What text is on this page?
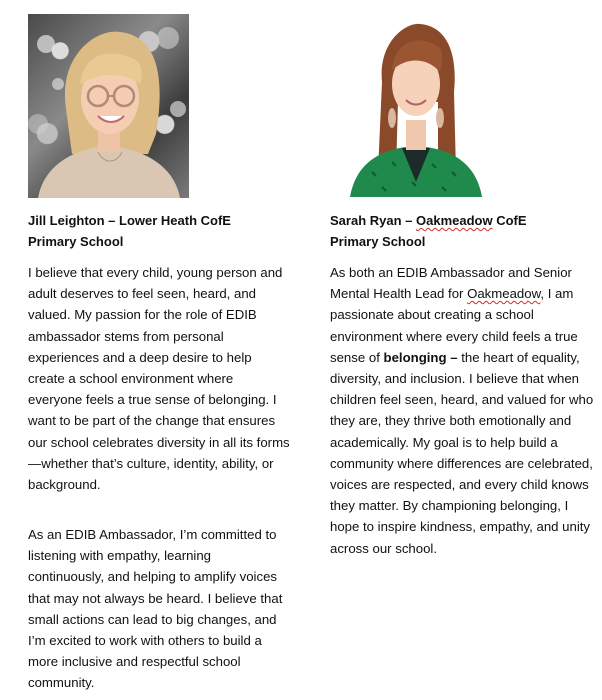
Jill Leighton – Lower Heath CofE
Primary School

I believe that every child, young person and adult deserves to feel seen, heard, and valued. My passion for the role of EDIB ambassador stems from personal experiences and a deep desire to help create a school environment where everyone feels a true sense of belonging. I want to be part of the change that ensures our school celebrates diversity in all its forms—whether that’s culture, identity, ability, or background.

As an EDIB Ambassador, I’m committed to listening with empathy, learning continuously, and helping to amplify voices that may not always be heard. I believe that small actions can lead to big changes, and I’m excited to work with others to build a more inclusive and respectful school community.

Sarah Ryan – Oakmeadow CofE
Primary School

As both an EDIB Ambassador and Senior Mental Health Lead for Oakmeadow, I am passionate about creating a school environment where every child feels a true sense of belonging – the heart of equality, diversity, and inclusion. I believe that when children feel seen, heard, and valued for who they are, they thrive both emotionally and academically. My goal is to help build a community where differences are celebrated, voices are respected, and every child knows they matter. By championing belonging, I hope to inspire kindness, empathy, and unity across our school.
